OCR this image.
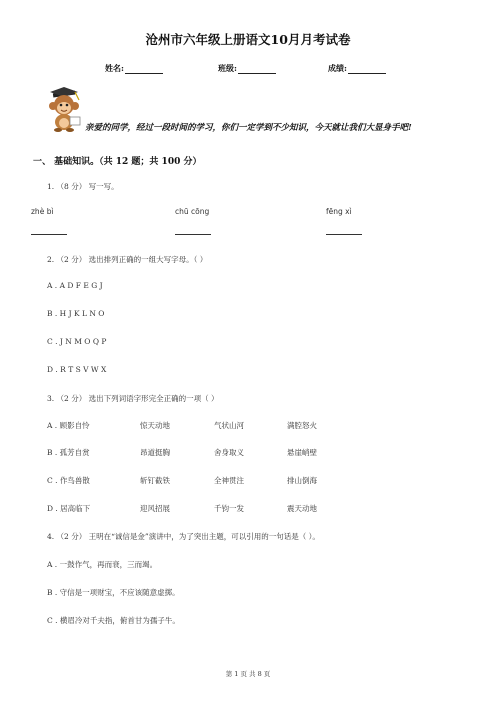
沧州市六年级上册语文10月月考试卷
姓名:	班级:	成绩:
亲爱的同学，经过一段时间的学习，你们一定学到不少知识，今天就让我们大显身手吧!
一、 基础知识。（共 12 题；共 100 分）
1. （8 分） 写一写。
zhè bì	chū cōng	fēng xì
2. （2 分） 选出排列正确的一组大写字母。（ ）
A . A D F E G J
B . H J K L N O
C . J N M O Q P
D . R T S V W X
3. （2 分） 选出下列词语字形完全正确的一项（ ）
A . 顾影自怜	惊天动地	气状山河	满腔怒火
B . 孤芳自赏	昂道挺胸	舍身取义	悬崖峭壁
C . 作鸟兽散	斩钉截铁	全神贯注	排山倒海
D . 居高临下	迎风招展	千钧一发	震天动地
4. （2 分） 王明在“诚信是金”演讲中，为了突出主题，可以引用的一句话是（ ）。
A . 一鼓作气，再而衰，三而竭。
B . 守信是一项财宝，不应该随意虚掷。
C . 横眉冷对千夫指，俯首甘为孺子牛。
第 1 页 共 8 页
